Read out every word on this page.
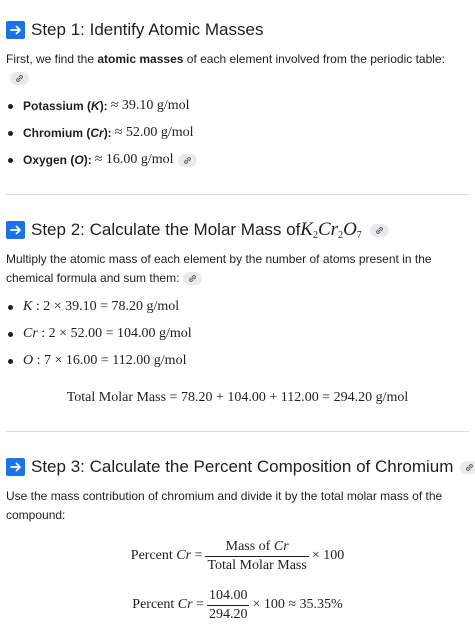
Step 1: Identify Atomic Masses
First, we find the atomic masses of each element involved from the periodic table:
Potassium (K): ≈ 39.10 g/mol
Chromium (Cr): ≈ 52.00 g/mol
Oxygen (O): ≈ 16.00 g/mol
Step 2: Calculate the Molar Mass of $K_2Cr_2O_7$
Multiply the atomic mass of each element by the number of atoms present in the chemical formula and sum them:
K : 2 × 39.10 = 78.20 g/mol
Cr : 2 × 52.00 = 104.00 g/mol
O : 7 × 16.00 = 112.00 g/mol
Total Molar Mass = 78.20 + 104.00 + 112.00 = 294.20 g/mol
Step 3: Calculate the Percent Composition of Chromium
Use the mass contribution of chromium and divide it by the total molar mass of the compound:
Percent $Cr = \frac{\text{Mass of Cr}}{\text{Total Molar Mass}} \times 100$
Percent $Cr = \frac{104.00}{294.20} \times 100 \approx 35.35\%$
